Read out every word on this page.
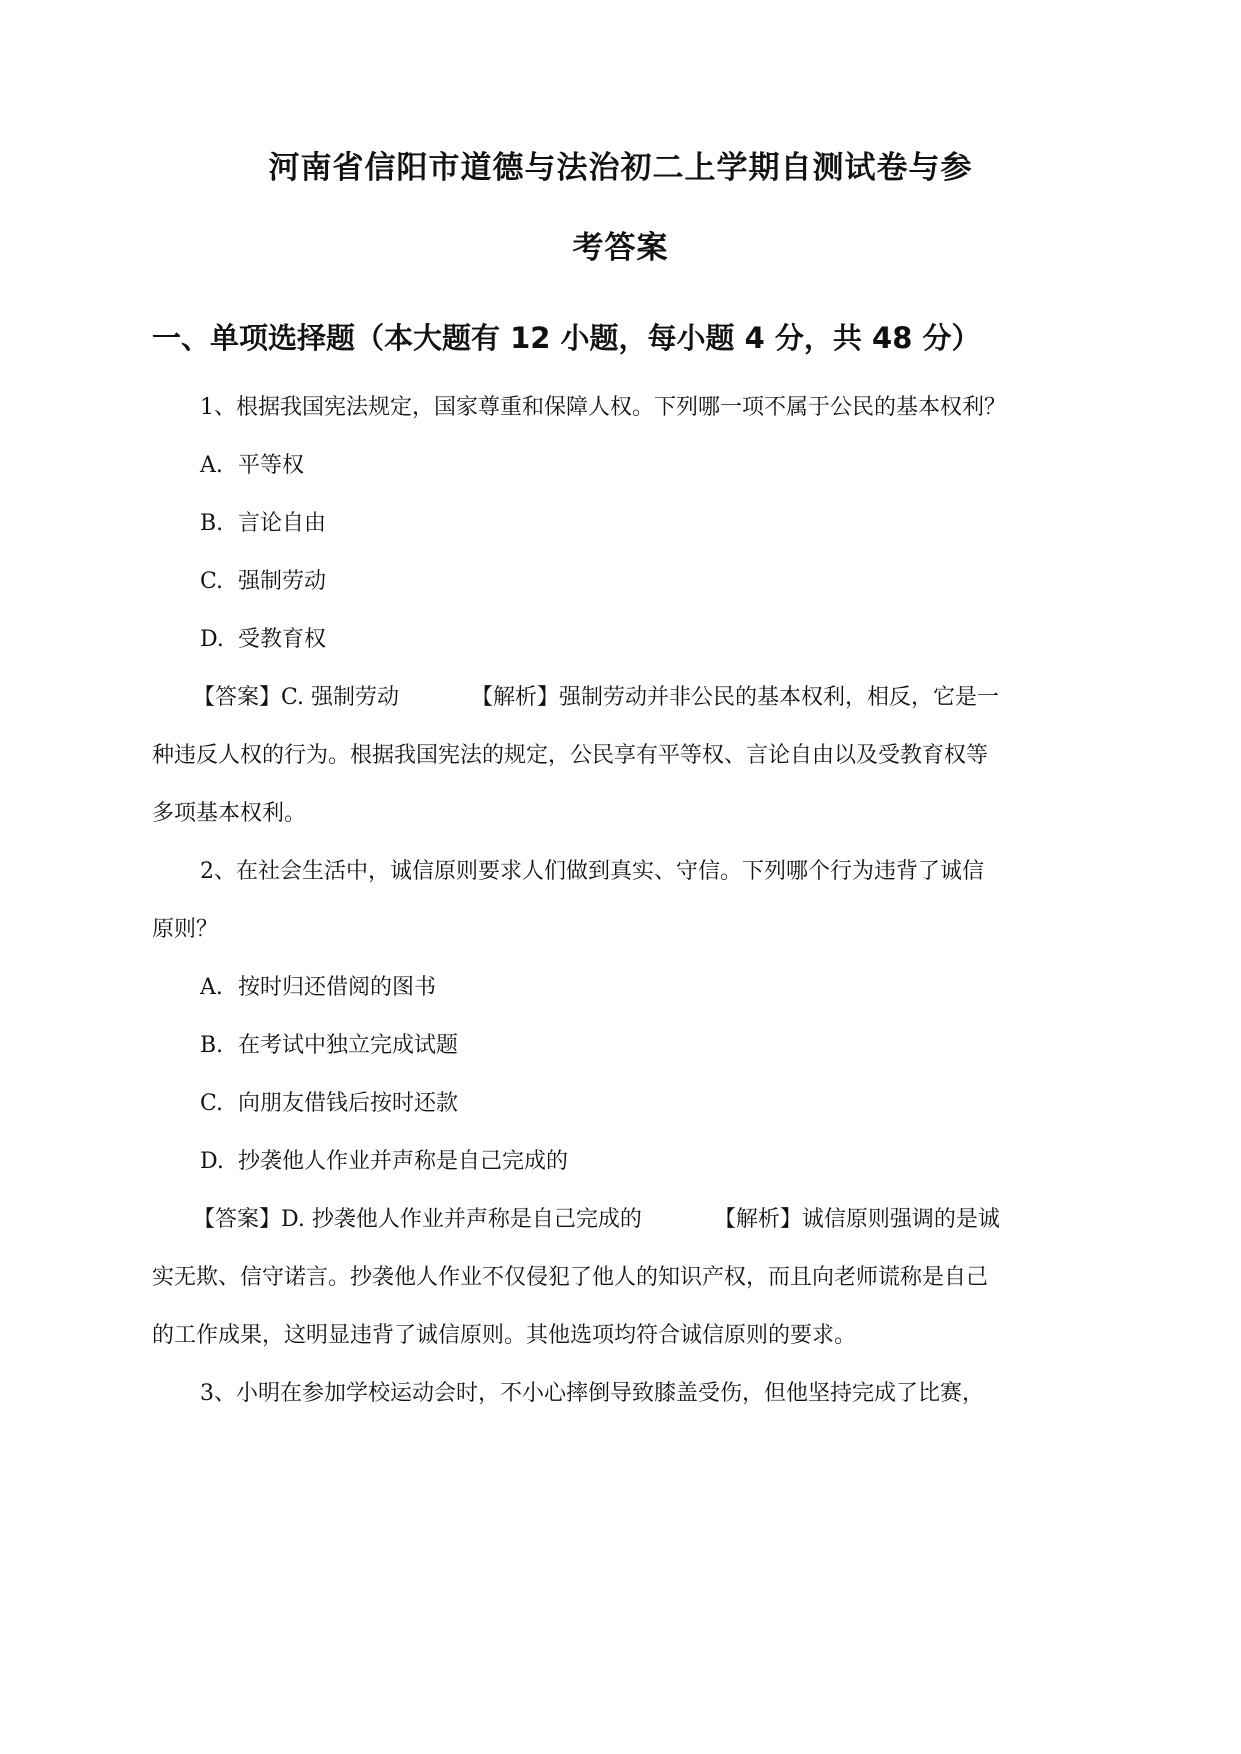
河南省信阳市道德与法治初二上学期自测试卷与参
考答案
一、单项选择题（本大题有 12 小题，每小题 4 分，共 48 分）
1、根据我国宪法规定，国家尊重和保障人权。下列哪一项不属于公民的基本权利？
A. 平等权
B. 言论自由
C. 强制劳动
D. 受教育权
【答案】C. 强制劳动	【解析】强制劳动并非公民的基本权利，相反，它是一
种违反人权的行为。根据我国宪法的规定，公民享有平等权、言论自由以及受教育权等
多项基本权利。
2、在社会生活中，诚信原则要求人们做到真实、守信。下列哪个行为违背了诚信
原则？
A. 按时归还借阅的图书
B. 在考试中独立完成试题
C. 向朋友借钱后按时还款
D. 抄袭他人作业并声称是自己完成的
【答案】D. 抄袭他人作业并声称是自己完成的	【解析】诚信原则强调的是诚
实无欺、信守诺言。抄袭他人作业不仅侵犯了他人的知识产权，而且向老师谎称是自己
的工作成果，这明显违背了诚信原则。其他选项均符合诚信原则的要求。
3、小明在参加学校运动会时，不小心摔倒导致膝盖受伤，但他坚持完成了比赛，
